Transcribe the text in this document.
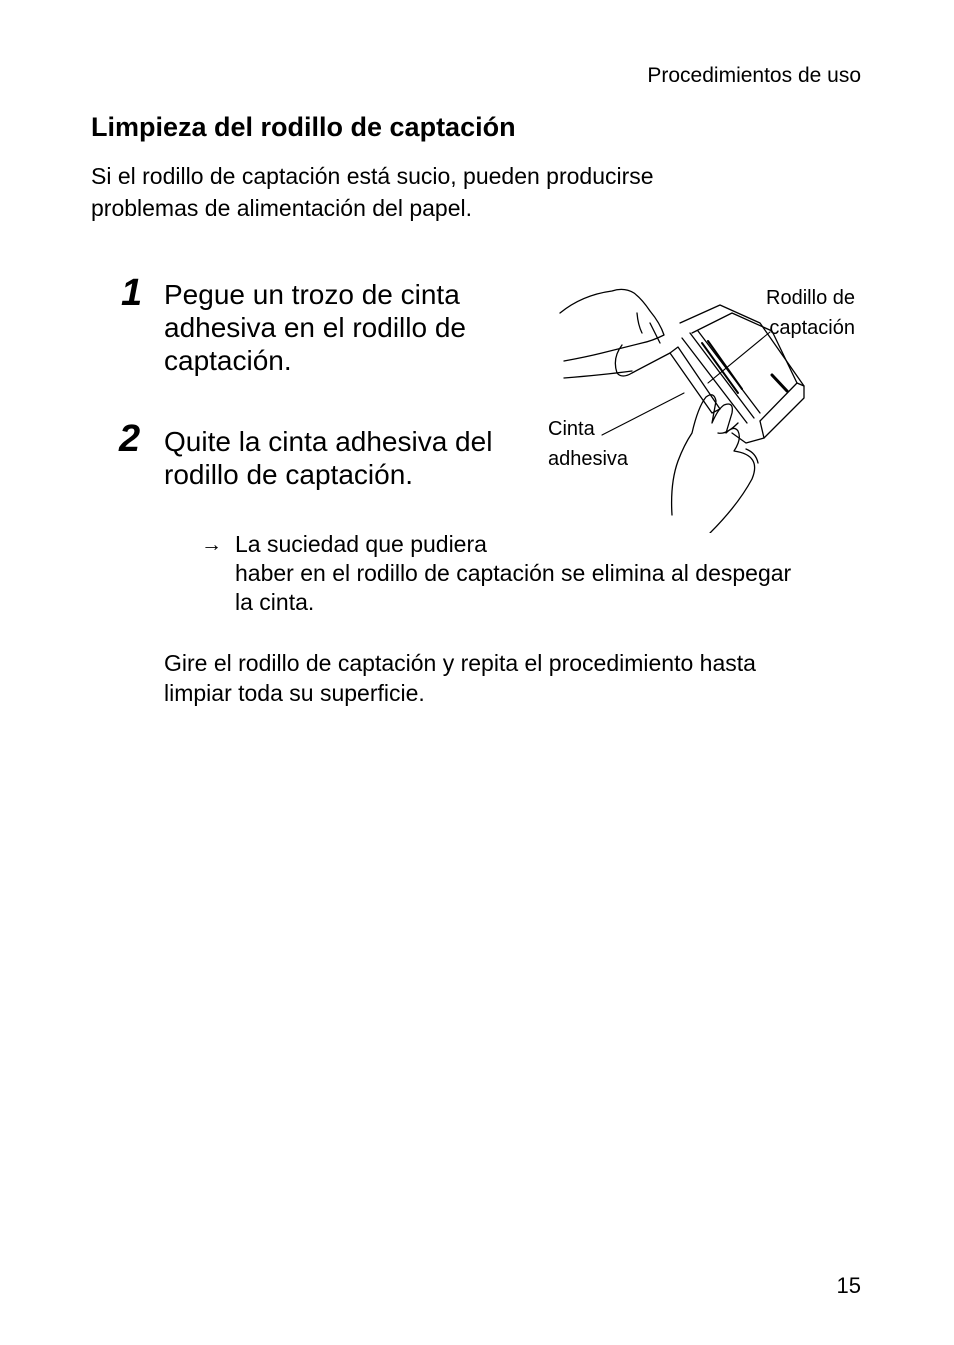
Procedimientos de uso
Limpieza del rodillo de captación
Si el rodillo de captación está sucio, pueden producirse
problemas de alimentación del papel.
1 Pegue un trozo de cinta
adhesiva en el rodillo de
captación.
2 Quite la cinta adhesiva del
rodillo de captación.
Rodillo de
captación
Cinta
adhesiva
→ La suciedad que pudiera
haber en el rodillo de captación se elimina al despegar
la cinta.
Gire el rodillo de captación y repita el procedimiento hasta
limpiar toda su superficie.
15
